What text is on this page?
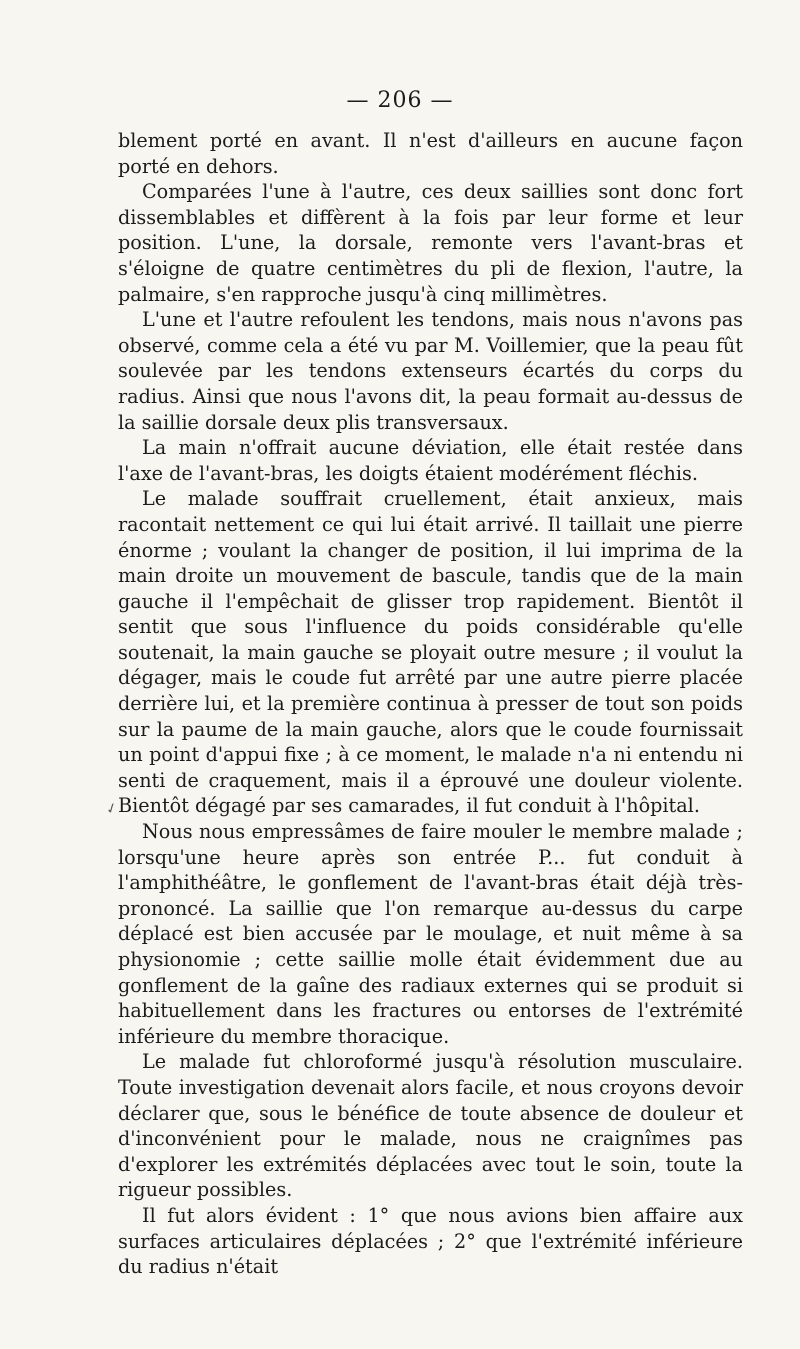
— 206 —
✓

blement porté en avant. Il n'est d'ailleurs en aucune façon porté en dehors.

Comparées l'une à l'autre, ces deux saillies sont donc fort dissemblables et diffèrent à la fois par leur forme et leur position. L'une, la dorsale, remonte vers l'avant-bras et s'éloigne de quatre centimètres du pli de flexion, l'autre, la palmaire, s'en rapproche jusqu'à cinq millimètres.

L'une et l'autre refoulent les tendons, mais nous n'avons pas observé, comme cela a été vu par M. Voillemier, que la peau fût soulevée par les tendons extenseurs écartés du corps du radius. Ainsi que nous l'avons dit, la peau formait au-dessus de la saillie dorsale deux plis transversaux.

La main n'offrait aucune déviation, elle était restée dans l'axe de l'avant-bras, les doigts étaient modérément fléchis.

Le malade souffrait cruellement, était anxieux, mais racontait nettement ce qui lui était arrivé. Il taillait une pierre énorme ; voulant la changer de position, il lui imprima de la main droite un mouvement de bascule, tandis que de la main gauche il l'empêchait de glisser trop rapidement. Bientôt il sentit que sous l'influence du poids considérable qu'elle soutenait, la main gauche se ployait outre mesure ; il voulut la dégager, mais le coude fut arrêté par une autre pierre placée derrière lui, et la première continua à presser de tout son poids sur la paume de la main gauche, alors que le coude fournissait un point d'appui fixe ; à ce moment, le malade n'a ni entendu ni senti de craquement, mais il a éprouvé une douleur violente. Bientôt dégagé par ses camarades, il fut conduit à l'hôpital.

Nous nous empressâmes de faire mouler le membre malade ; lorsqu'une heure après son entrée P... fut conduit à l'amphithéâtre, le gonflement de l'avant-bras était déjà très-prononcé. La saillie que l'on remarque au-dessus du carpe déplacé est bien accusée par le moulage, et nuit même à sa physionomie ; cette saillie molle était évidemment due au gonflement de la gaîne des radiaux externes qui se produit si habituellement dans les fractures ou entorses de l'extrémité inférieure du membre thoracique.

Le malade fut chloroformé jusqu'à résolution musculaire. Toute investigation devenait alors facile, et nous croyons devoir déclarer que, sous le bénéfice de toute absence de douleur et d'inconvénient pour le malade, nous ne craignîmes pas d'explorer les extrémités déplacées avec tout le soin, toute la rigueur possibles.

Il fut alors évident : 1° que nous avions bien affaire aux surfaces articulaires déplacées ; 2° que l'extrémité inférieure du radius n'était
